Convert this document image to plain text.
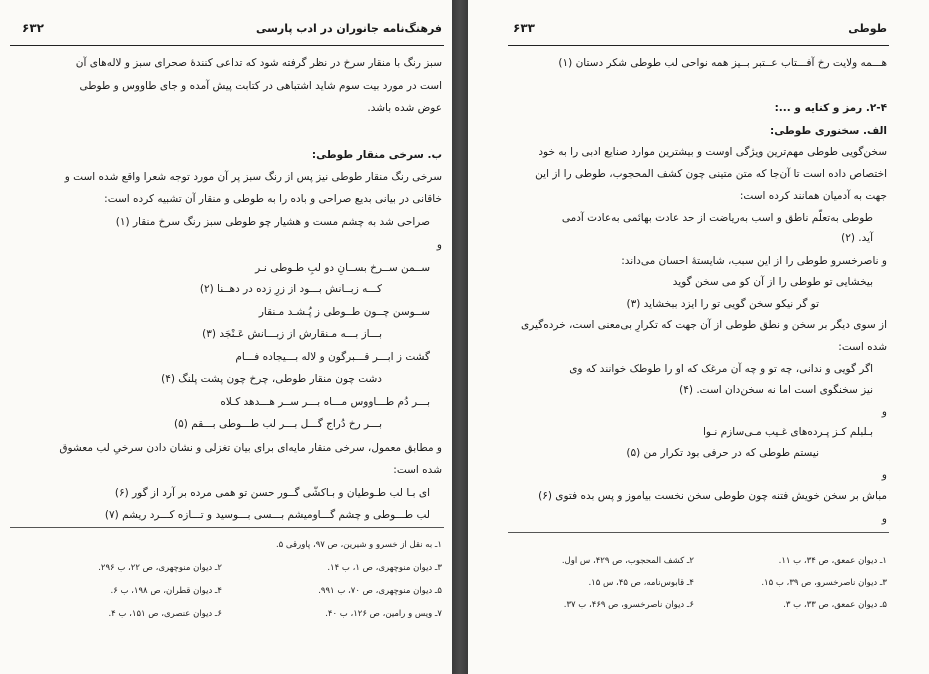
۶۳۲	فرهنگ‌نامه جانوران در ادب پارسی
سبز رنگ با منقار سرخ در نظر گرفته شود که تداعی کنندهٔ صحرای سبز و لاله‌های آن
است در مورد بیت سوم شاید اشتباهی در کتابت پیش آمده و جای طاووس و طوطی
عوض شده باشد.
ب. سرخی منقار طوطی:
سرخی رنگ منقار طوطی نیز پس از رنگ سبز پر آن مورد توجه شعرا واقع شده است و
خاقانی در بیانی بدیع صراحی و باده را به طوطی و منقار آن تشبیه کرده است:
صراحی شد به چشم مست و هشیار چو طوطی سبز رنگ سرخ منقار (۱)
و
ســمن ســرخ بســانِ دو لبِ طـوطی نـر
کـــه زبــانش بـــود از زرِ زده در دهــنا (۲)
ســوسن چــون طــوطی ز پُـشـد مـنقار
بـــاز بـــه مـنقارش از زبـــانش عَـنْجَد (۳)
گشت ز ابـــر قـــبرگون و لاله بـــیجاده فـــام
دشت چون منقار طوطی، چرخ چون پشت پلنگ (۴)
بـــر دُم طـــاووس مـــاه بـــر ســر هـــدهد کـلاه
بـــر رخ دُراج گـــل بـــر لب طـــوطی بـــقم (۵)
و مطابق معمول، سرخی منقار مایه‌ای برای بیان تغزلی و نشان دادن سرخیِ لب معشوق
شده است:
ای بـا لب طـوطیان و بـاکشّی گــور حسن تو همی مرده بر آرد از گور (۶)
لب طـــوطی و چشم گـــاومیشم بـــسی بـــوسید و تـــازه کـــرد ریشم (۷)
۱ـ به نقل از خسرو و شیرین، ص ۹۷، پاورقی ۵.
۲ـ دیوان منوچهری، ص ۲۲، ب ۲۹۶.	۳ـ دیوان منوچهری، ص ۱، ب ۱۴.
۴ـ دیوان قطران، ص ۱۹۸، ب ۶.	۵ـ دیوان منوچهری، ص ۷۰، ب ۹۹۱.
۶ـ دیوان عنصری، ص ۱۵۱، ب ۴.	۷ـ ویس و رامین، ص ۱۲۶، ب ۴۰.
۶۳۳	طوطی
هـــمه ولایت رخ آفـــتاب عــتبر بــیز همه نواحی لب طوطی شکر دستان (۱)
۲-۴. رمز و کنایه و ...:
الف. سخنوری طوطی:
سخن‌گویی طوطی مهم‌ترین ویژگی اوست و بیشترین موارد صنایع ادبی را به خود
اختصاص داده است تا آن‌جا که متن متینی چون کشف المحجوب، طوطی را از این
جهت به آدمیان همانند کرده است:
طوطی به‌تعلّم ناطق و اسب به‌ریاضت از حد عادت بهائمی به‌عادت آدمی
آید. (۲)
و ناصرخسرو طوطی را از این سبب، شایستهٔ احسان می‌داند:
بیخشایی تو طوطی را از آن کو می سخن گوید
تو گر نیکو سخن گویی تو را ایزد ببخشاید (۳)
از سوی دیگر بر سخن و نطق طوطی از آن جهت که تکرارِ بی‌معنی است، خرده‌گیری
شده است:
اگر گویی و ندانی، چه تو و چه آن مرغک که او را طوطک خوانند که وی
نیز سخنگوی است اما نه سخن‌دان است. (۴)
و
بـلبلم کـز پـرده‌های غـیب مـی‌سازم نـوا
نیستم طوطی که در حرفی بود تکرار من (۵)
و
مباش بر سخن خویش فتنه چون طوطی سخن نخست بیاموز و پس بده فتوی (۶)
و
۱ـ دیوان عمعق، ص ۳۴، ب ۱۱.
۲ـ کشف المحجوب، ص ۴۲۹، س اول.
۳ـ دیوان ناصرخسرو، ص ۳۹، ب ۱۵.
۴ـ قابوس‌نامه، ص ۴۵، س ۱۵.
۵ـ دیوان عمعق، ص ۳۳، ب ۳.
۶ـ دیوان ناصرخسرو، ص ۴۶۹، ب ۳۷.
